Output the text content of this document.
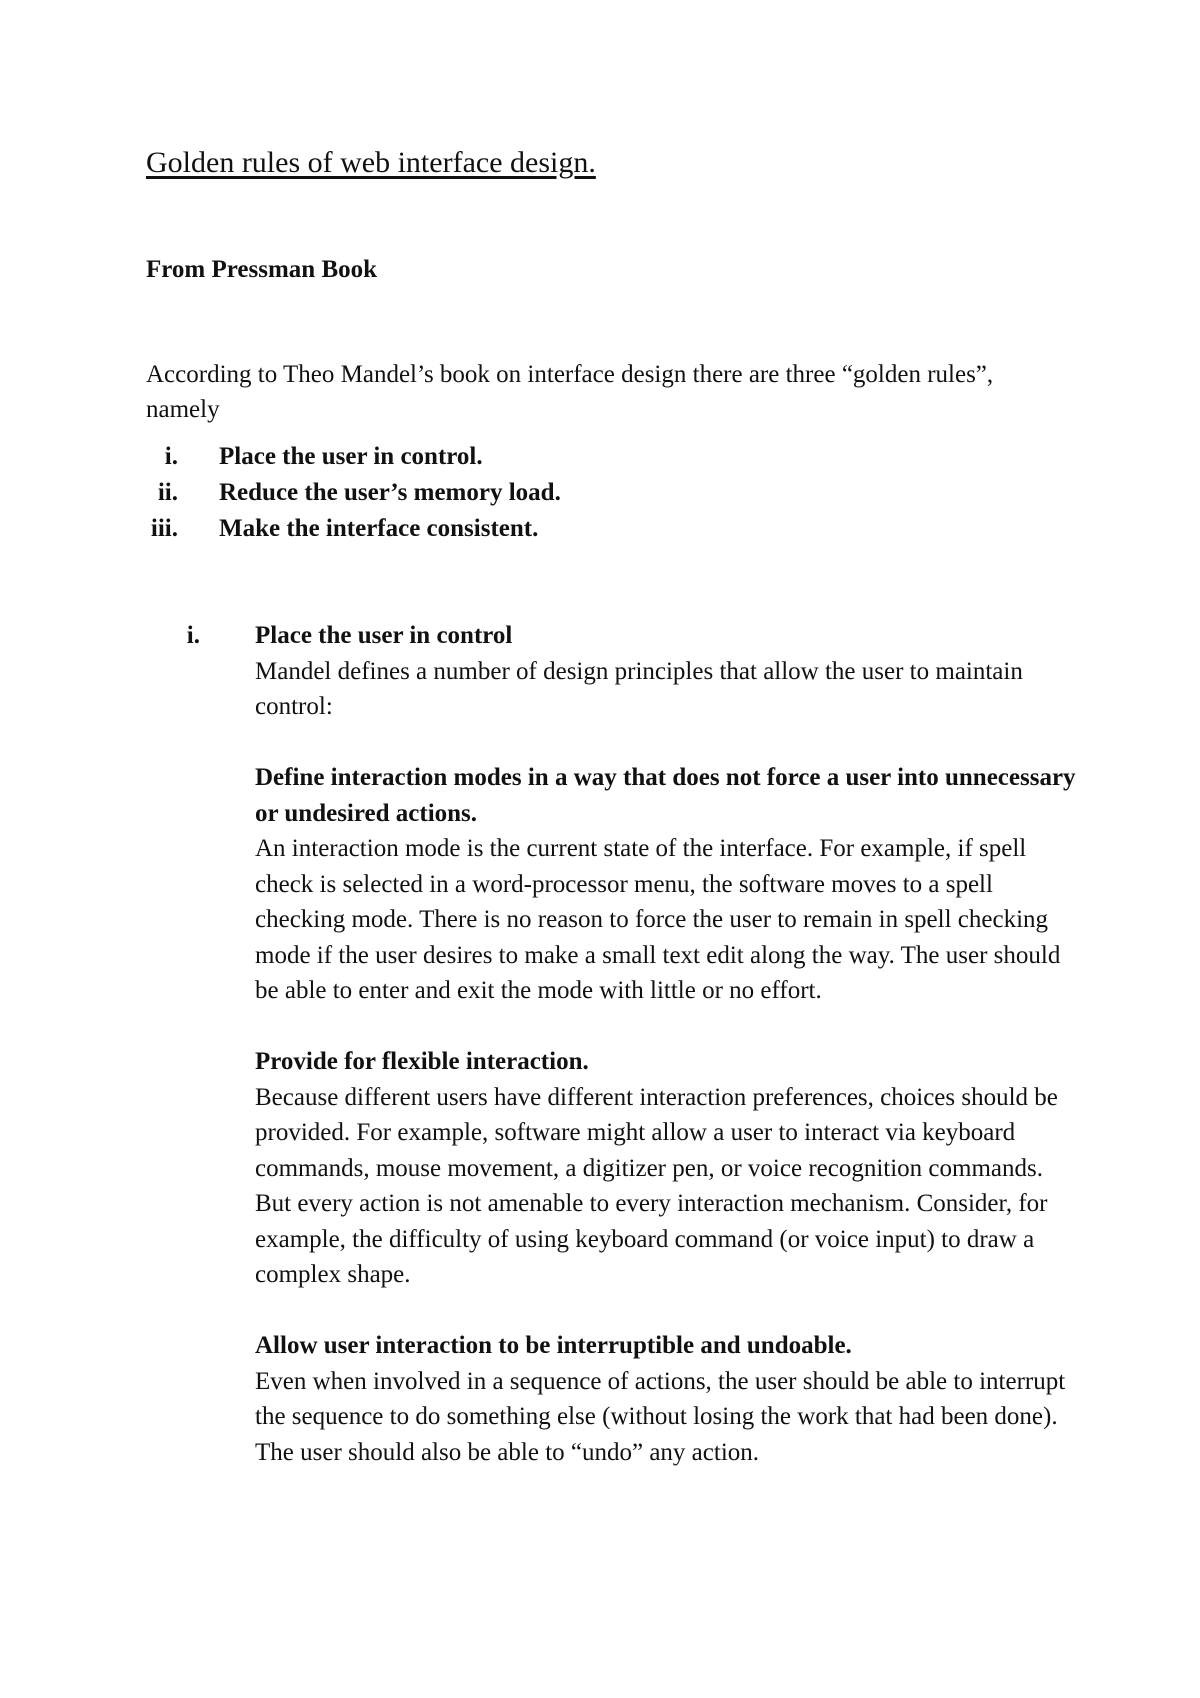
Golden rules of web interface design.

From Pressman Book

According to Theo Mandel’s book on interface design there are three “golden rules”, namely

i. Place the user in control.
ii. Reduce the user’s memory load.
iii. Make the interface consistent.
i. Place the user in control

Mandel defines a number of design principles that allow the user to maintain control:

Define interaction modes in a way that does not force a user into unnecessary or undesired actions.

An interaction mode is the current state of the interface. For example, if spell check is selected in a word-processor menu, the software moves to a spell checking mode. There is no reason to force the user to remain in spell checking mode if the user desires to make a small text edit along the way. The user should be able to enter and exit the mode with little or no effort.

Provide for flexible interaction.

Because different users have different interaction preferences, choices should be provided. For example, software might allow a user to interact via keyboard commands, mouse movement, a digitizer pen, or voice recognition commands. But every action is not amenable to every interaction mechanism. Consider, for example, the difficulty of using keyboard command (or voice input) to draw a complex shape.

Allow user interaction to be interruptible and undoable.

Even when involved in a sequence of actions, the user should be able to interrupt the sequence to do something else (without losing the work that had been done). The user should also be able to “undo” any action.
